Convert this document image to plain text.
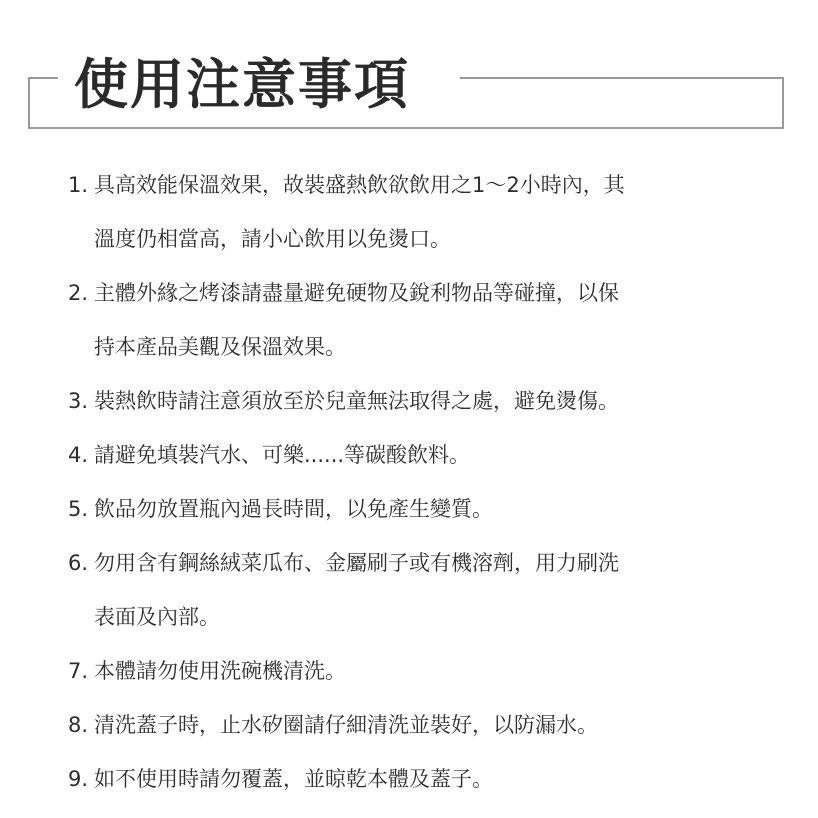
使用注意事項
1. 具高效能保溫效果，故裝盛熱飲欲飲用之1～2小時內，其
溫度仍相當高，請小心飲用以免燙口。
2. 主體外緣之烤漆請盡量避免硬物及銳利物品等碰撞，以保
持本產品美觀及保溫效果。
3. 裝熱飲時請注意須放至於兒童無法取得之處，避免燙傷。
4. 請避免填裝汽水、可樂......等碳酸飲料。
5. 飲品勿放置瓶內過長時間，以免產生變質。
6. 勿用含有鋼絲絨菜瓜布、金屬刷子或有機溶劑，用力刷洗
表面及內部。
7. 本體請勿使用洗碗機清洗。
8. 清洗蓋子時，止水矽圈請仔細清洗並裝好，以防漏水。
9. 如不使用時請勿覆蓋，並晾乾本體及蓋子。
